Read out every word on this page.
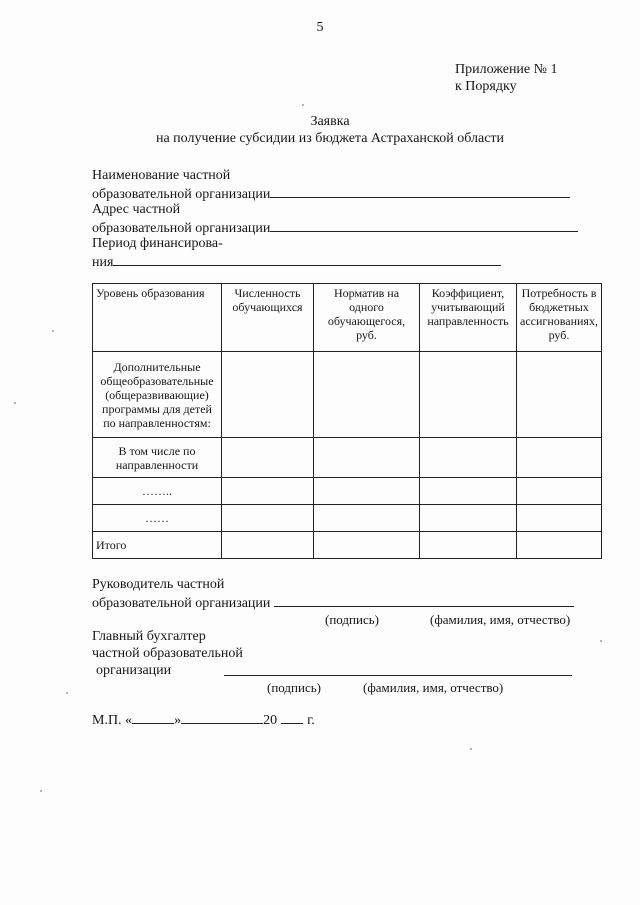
5
Приложение № 1
к Порядку
Заявка
на получение субсидии из бюджета Астраханской области
Наименование частной
образовательной организации
Адрес частной
образовательной организации
Период финансирова-
ния
Уровень образования	Численность обучающихся	Норматив на одного обучающегося, руб.	Коэффициент, учитывающий направленность	Потребность в бюджетных ассигнованиях, руб.
Дополнительные общеобразовательные (общеразвивающие) программы для детей по направленностям:				
В том числе по направленности				
……..				
……				
Итого				
Руководитель частной
образовательной организации
(подпись)	(фамилия, имя, отчество)
Главный бухгалтер
частной образовательной
организации
(подпись)	(фамилия, имя, отчество)
М.П. «	»	20 г.
